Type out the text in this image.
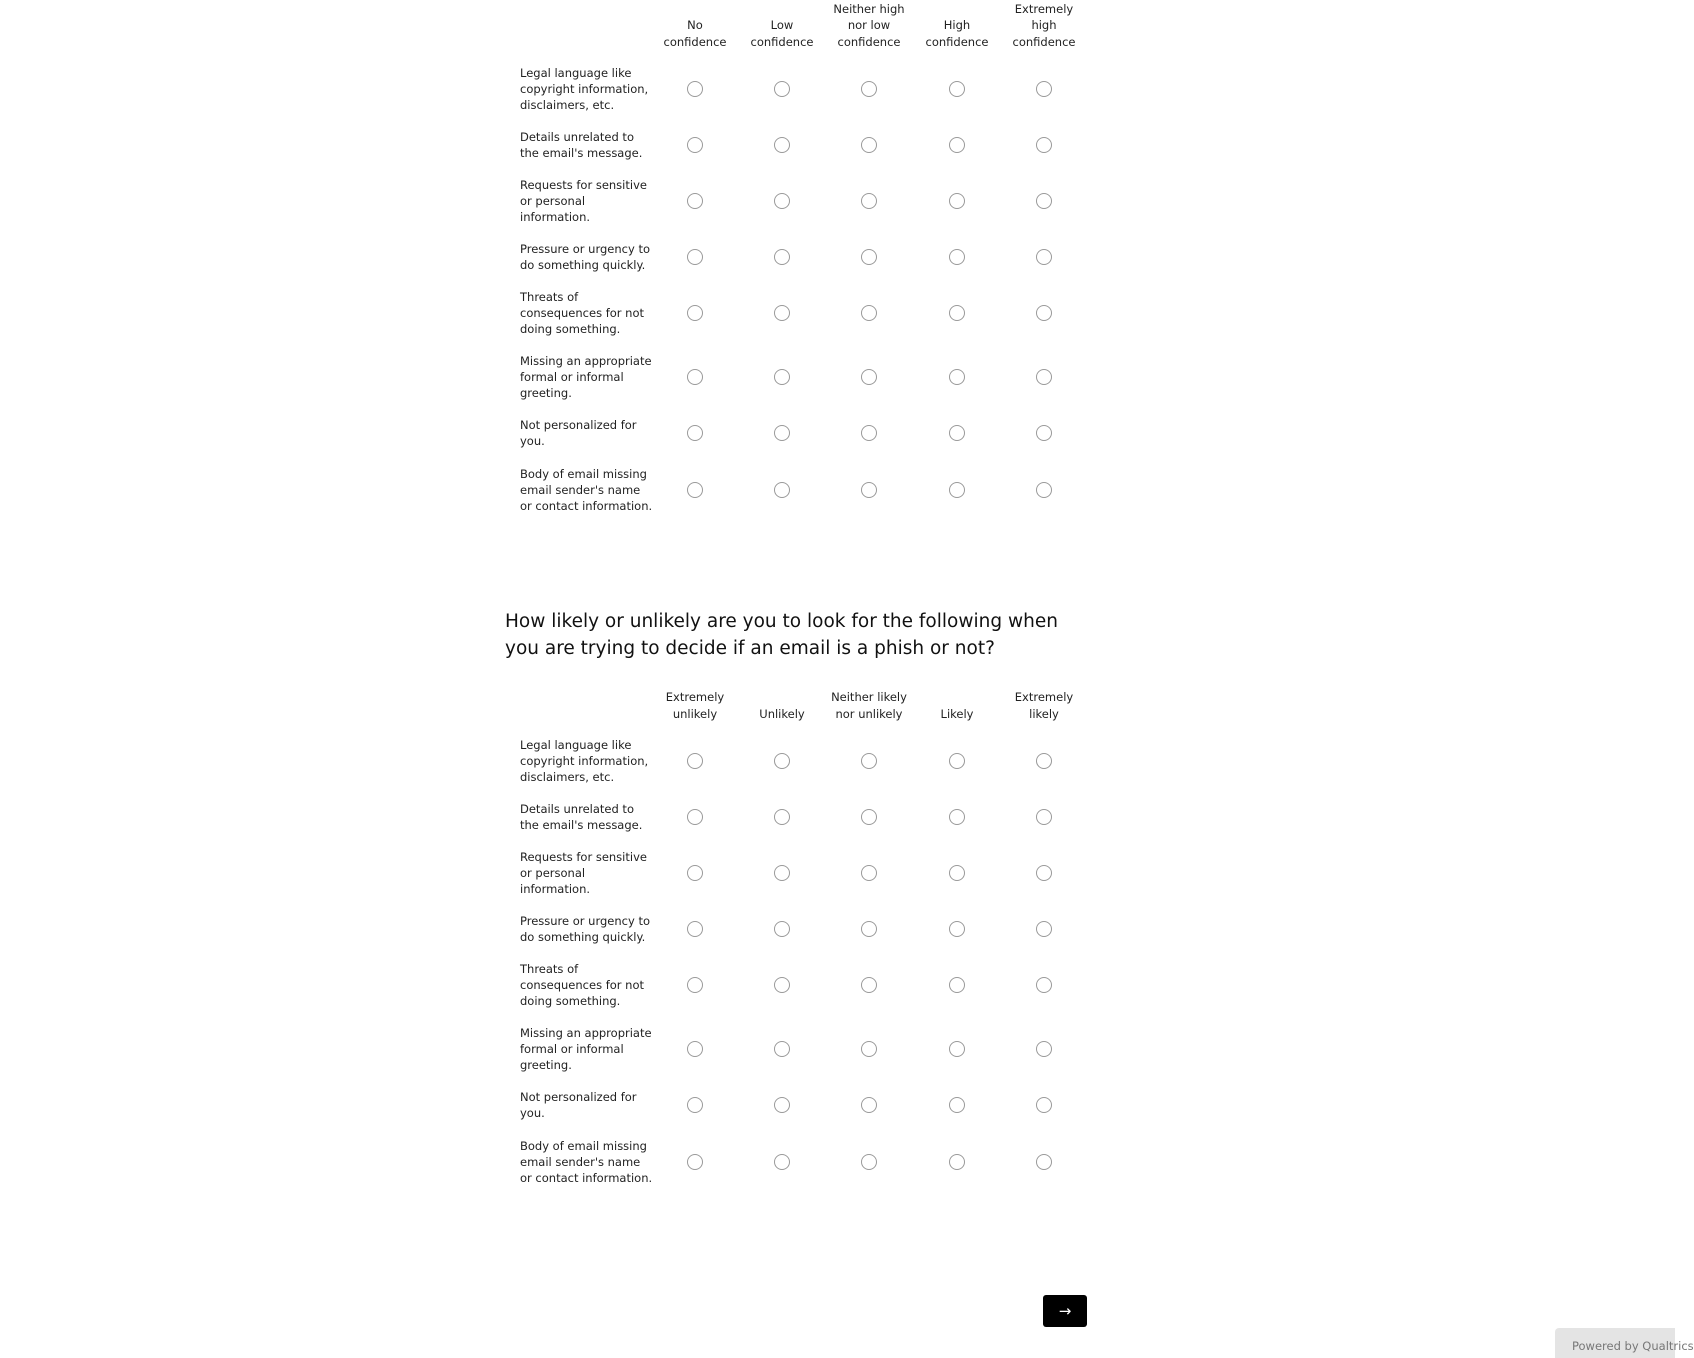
No
confidence
Low
confidence
Neither high
nor low
confidence
High
confidence
Extremely
high
confidence
Legal language like
copyright information,
disclaimers, etc.
Details unrelated to
the email's message.
Requests for sensitive
or personal
information.
Pressure or urgency to
do something quickly.
Threats of
consequences for not
doing something.
Missing an appropriate
formal or informal
greeting.
Not personalized for
you.
Body of email missing
email sender's name
or contact information.
How likely or unlikely are you to look for the following when you are trying to decide if an email is a phish or not?
Extremely
unlikely	Unlikely
Neither likely
nor unlikely	Likely
Extremely
likely
Legal language like
copyright information,
disclaimers, etc.
Details unrelated to
the email's message.
Requests for sensitive
or personal
information.
Pressure or urgency to
do something quickly.
Threats of
consequences for not
doing something.
Missing an appropriate
formal or informal
greeting.
Not personalized for
you.
Body of email missing
email sender's name
or contact information.
→
Powered by Qualtrics
